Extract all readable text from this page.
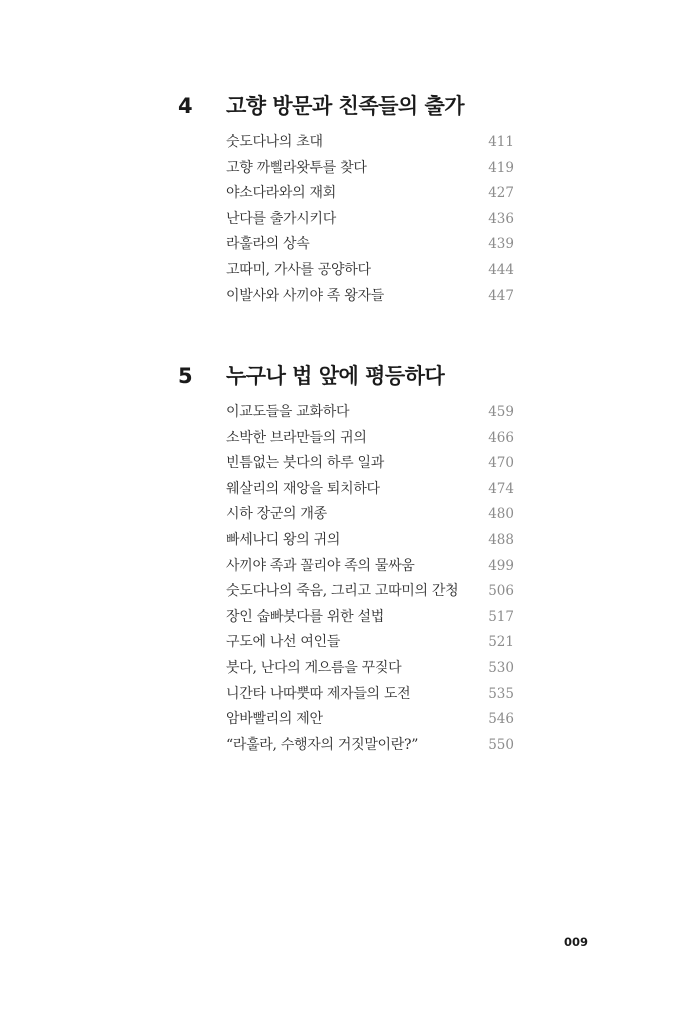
4 고향 방문과 친족들의 출가
숫도다나의 초대	411
고향 까삘라왓투를 찾다	419
야소다라와의 재회	427
난다를 출가시키다	436
라훌라의 상속	439
고따미, 가사를 공양하다	444
이발사와 사끼야 족 왕자들	447
5 누구나 법 앞에 평등하다
이교도들을 교화하다	459
소박한 브라만들의 귀의	466
빈틈없는 붓다의 하루 일과	470
웨살리의 재앙을 퇴치하다	474
시하 장군의 개종	480
빠세나디 왕의 귀의	488
사끼야 족과 꼴리야 족의 물싸움	499
숫도다나의 죽음, 그리고 고따미의 간청	506
장인 숩빠붓다를 위한 설법	517
구도에 나선 여인들	521
붓다, 난다의 게으름을 꾸짖다	530
니간타 나따뿟따 제자들의 도전	535
암바빨리의 제안	546
“라훌라, 수행자의 거짓말이란?”	550
009
